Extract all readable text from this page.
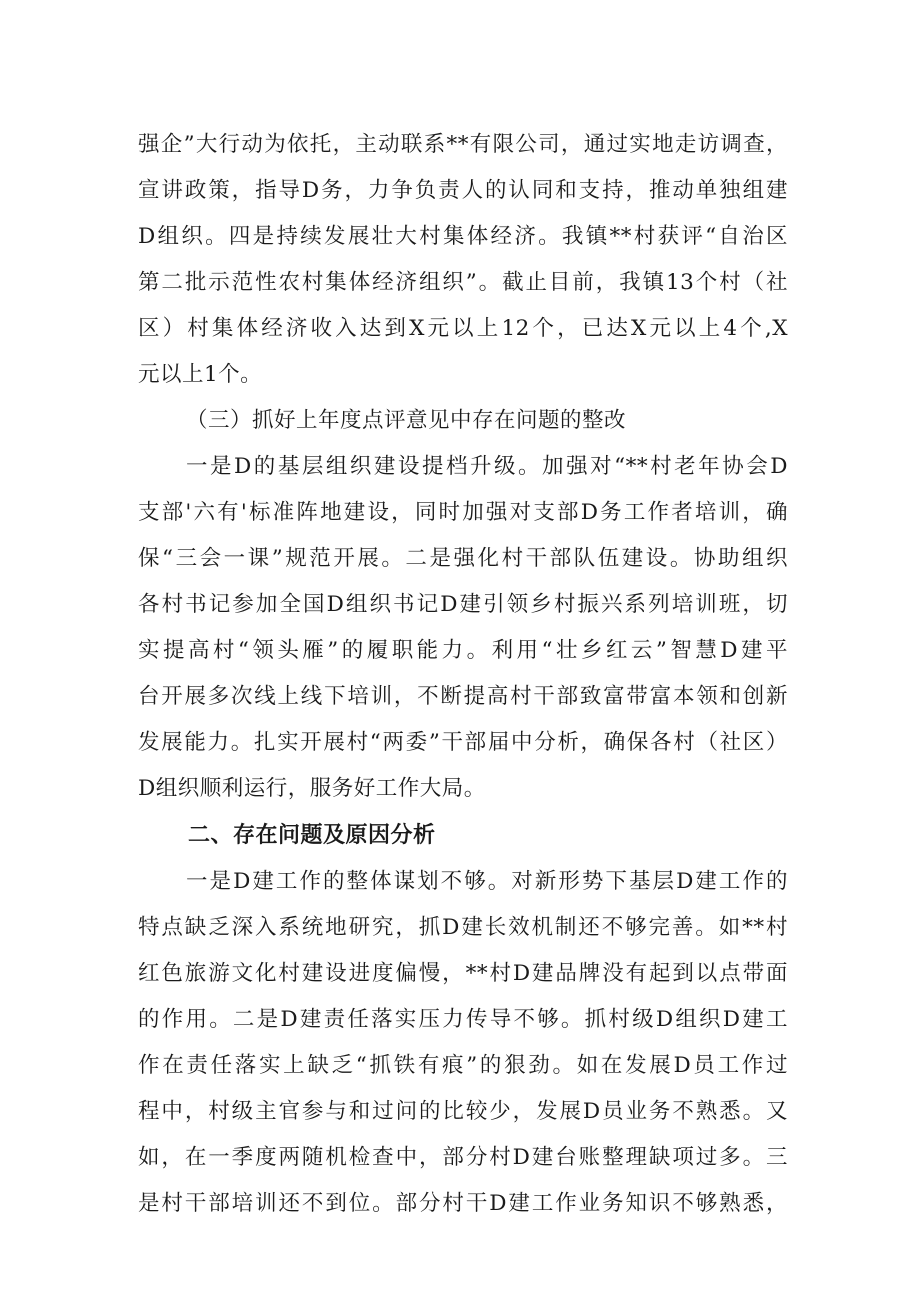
强企”大行动为依托，主动联系**有限公司，通过实地走访调查，
宣讲政策，指导D务，力争负责人的认同和支持，推动单独组建
D组织。四是持续发展壮大村集体经济。我镇**村获评“自治区
第二批示范性农村集体经济组织”。截止目前，我镇13个村（社
区）村集体经济收入达到X元以上12个，已达X元以上4个,X
元以上1个。
（三）抓好上年度点评意见中存在问题的整改
一是D的基层组织建设提档升级。加强对“**村老年协会D
支部'六有'标准阵地建设，同时加强对支部D务工作者培训，确
保“三会一课”规范开展。二是强化村干部队伍建设。协助组织
各村书记参加全国D组织书记D建引领乡村振兴系列培训班，切
实提高村“领头雁”的履职能力。利用“壮乡红云”智慧D建平
台开展多次线上线下培训，不断提高村干部致富带富本领和创新
发展能力。扎实开展村“两委”干部届中分析，确保各村（社区）
D组织顺利运行，服务好工作大局。
二、存在问题及原因分析
一是D建工作的整体谋划不够。对新形势下基层D建工作的
特点缺乏深入系统地研究，抓D建长效机制还不够完善。如**村
红色旅游文化村建设进度偏慢，**村D建品牌没有起到以点带面
的作用。二是D建责任落实压力传导不够。抓村级D组织D建工
作在责任落实上缺乏“抓铁有痕”的狠劲。如在发展D员工作过
程中，村级主官参与和过问的比较少，发展D员业务不熟悉。又
如，在一季度两随机检查中，部分村D建台账整理缺项过多。三
是村干部培训还不到位。部分村干D建工作业务知识不够熟悉，
